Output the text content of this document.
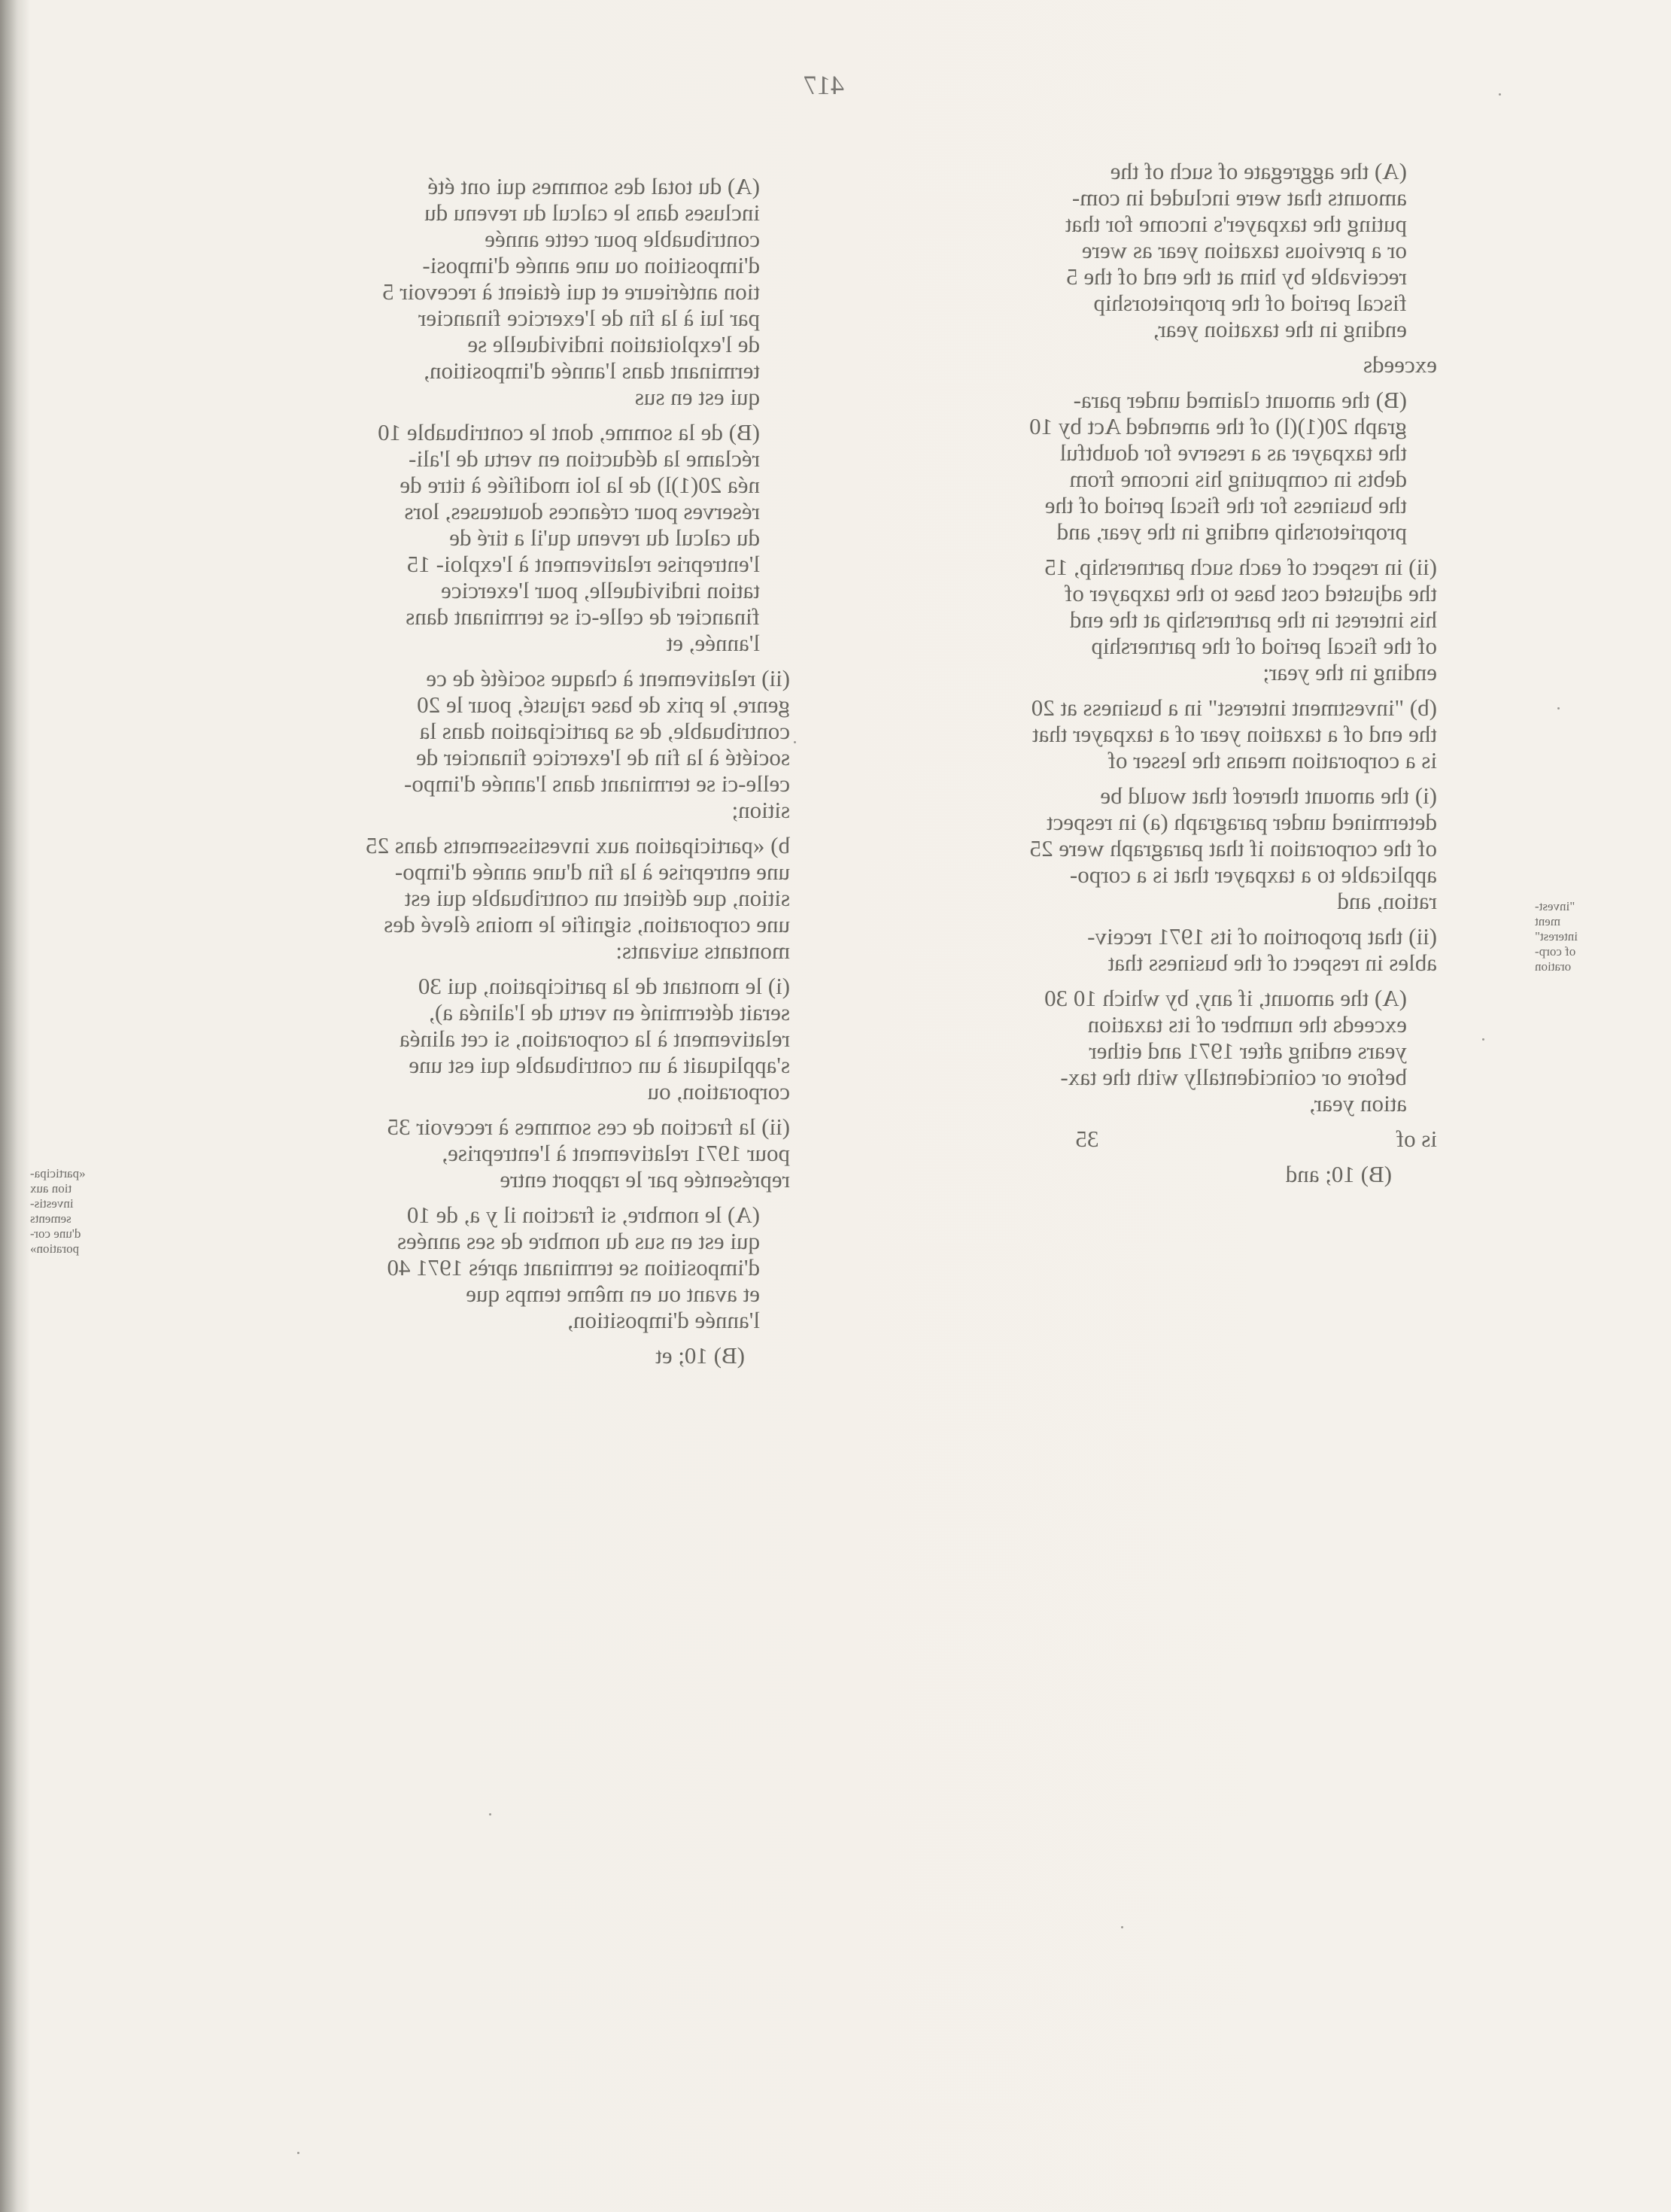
417
(A) du total des sommes qui ont été
incluses dans le calcul du revenu du
contribuable pour cette année
d'imposition ou une année d'imposi-
tion antérieure et qui étaient à recevoir 5
par lui à la fin de l'exercice financier
de l'exploitation individuelle se
terminant dans l'année d'imposition,
qui est en sus
(B) de la somme, dont le contribuable 10
réclame la déduction en vertu de l'ali-
néa 20(1)l) de la loi modifiée à titre de
réserves pour créances douteuses, lors
du calcul du revenu qu'il a tiré de
l'entreprise relativement à l'exploi- 15
tation individuelle, pour l'exercice
financier de celle-ci se terminant dans
l'année, et
(ii) relativement à chaque société de ce
genre, le prix de base rajusté, pour le 20
contribuable, de sa participation dans la
société à la fin de l'exercice financier de
celle-ci se terminant dans l'année d'impo-
sition;
b) «participation aux investissements dans 25
une entreprise à la fin d'une année d'impo-
sition, que détient un contribuable qui est
une corporation, signifie le moins élevé des
montants suivants:
(i) le montant de la participation, qui 30
serait déterminé en vertu de l'alinéa a),
relativement à la corporation, si cet alinéa
s'appliquait à un contribuable qui est une
corporation, ou
(ii) la fraction de ces sommes à recevoir 35
pour 1971 relativement à l'entreprise,
représentée par le rapport entre
(A) le nombre, si fraction il y a, de 10
qui est en sus du nombre de ses années
d'imposition se terminant après 1971 40
et avant ou en même temps que
l'année d'imposition,
(B) 10; et
(A) the aggregate of such of the
amounts that were included in com-
puting the taxpayer's income for that
or a previous taxation year as were
receivable by him at the end of the 5
fiscal period of the proprietorship
ending in the taxation year,
exceeds
(B) the amount claimed under para-
graph 20(1)(l) of the amended Act by 10
the taxpayer as a reserve for doubtful
debts in computing his income from
the business for the fiscal period of the
proprietorship ending in the year, and
(ii) in respect of each such partnership, 15
the adjusted cost base to the taxpayer of
his interest in the partnership at the end
of the fiscal period of the partnership
ending in the year;
(b) "investment interest" in a business at 20
the end of a taxation year of a taxpayer that
is a corporation means the lesser of
(i) the amount thereof that would be
determined under paragraph (a) in respect
of the corporation if that paragraph were 25
applicable to a taxpayer that is a corpo-
ration, and
(ii) that proportion of its 1971 receiv-
ables in respect of the business that
(A) the amount, if any, by which 10 30
exceeds the number of its taxation
years ending after 1971 and either
before or coincidentally with the tax-
ation year,
is of                                                   35
(B) 10; and
"invest-
ment
interest"
of corp-
oration
«participa-
tion aux
investis-
sements
d'une cor-
poration»
